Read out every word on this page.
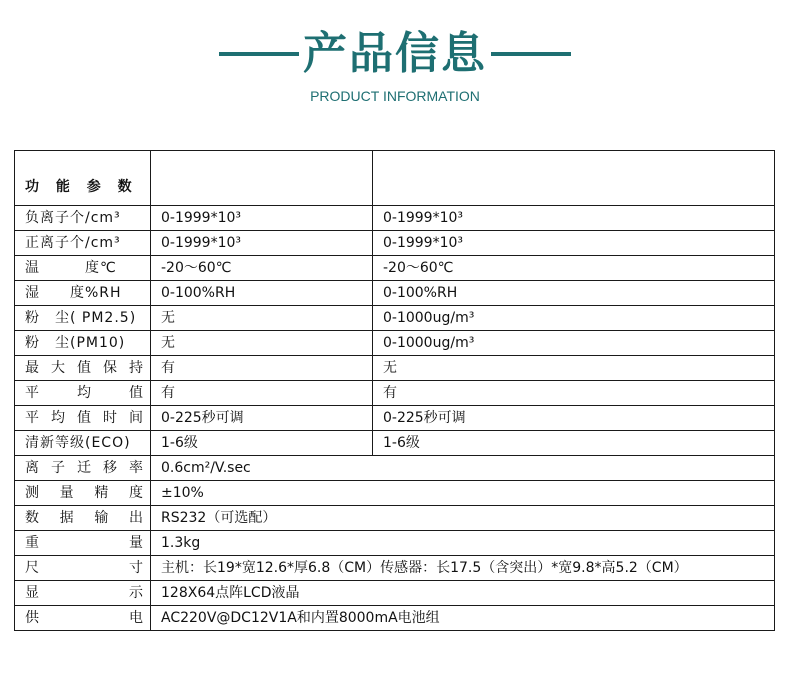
产品信息
PRODUCT INFORMATION
功 能 参 数		
负离子个/cm³	0-1999*10³	0-1999*10³
正离子个/cm³	0-1999*10³	0-1999*10³
温　　　度℃	-20～60℃	-20～60℃
湿　　度%RH	0-100%RH	0-100%RH
粉　尘( PM2.5)	无	0-1000ug/m³
粉　尘(PM10)	无	0-1000ug/m³
最大值保持	有	无
平　均　值	有	有
平均值时间	0-225秒可调	0-225秒可调
清新等级(ECO)	1-6级	1-6级
离子迁移率	0.6cm²/V.sec	
测量精度	±10%	
数据输出	RS232（可选配）	
重量	1.3kg	
尺寸	主机：长19*宽12.6*厚6.8（CM）传感器：长17.5（含突出）*宽9.8*高5.2（CM）	
显示	128X64点阵LCD液晶	
供电	AC220V@DC12V1A和内置8000mA电池组	
